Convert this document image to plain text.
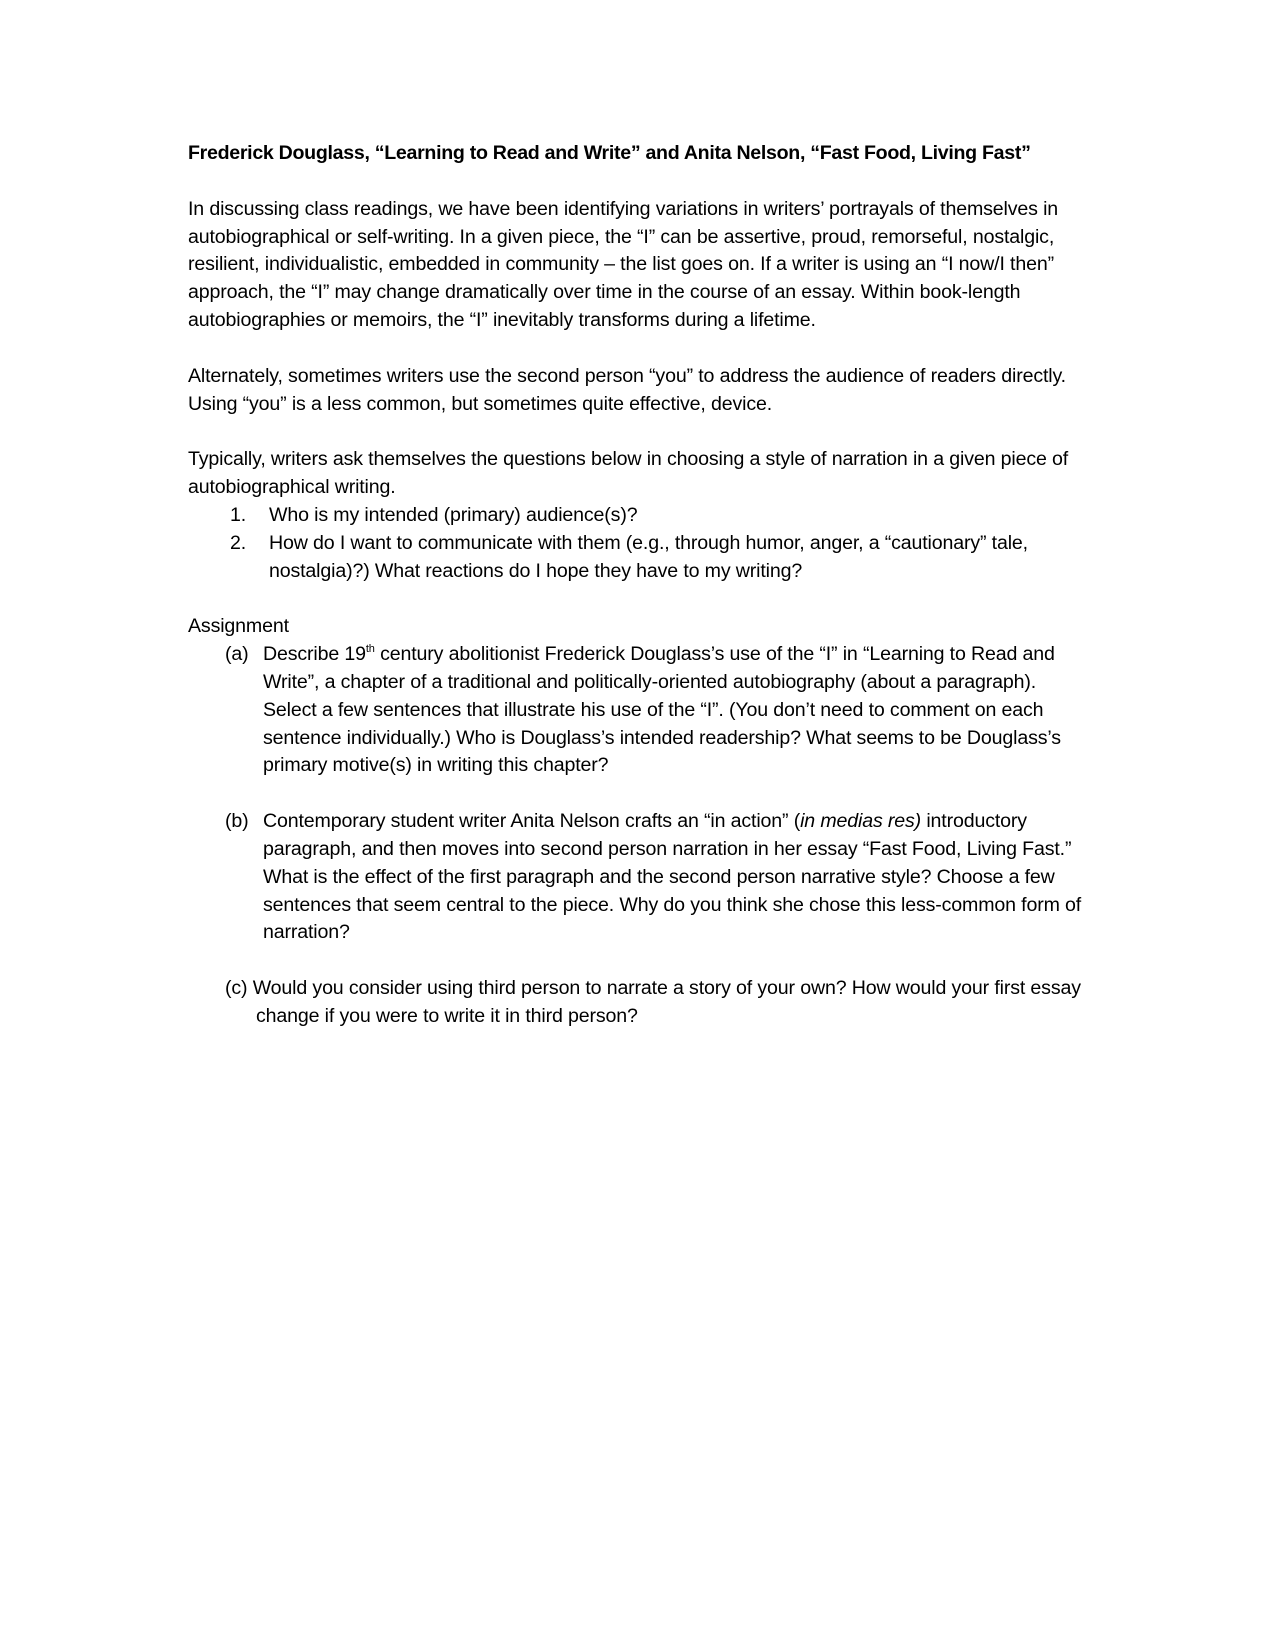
Frederick Douglass, “Learning to Read and Write” and Anita Nelson, “Fast Food, Living Fast”

In discussing class readings, we have been identifying variations in writers’ portrayals of themselves in autobiographical or self-writing. In a given piece, the “I” can be assertive, proud, remorseful, nostalgic, resilient, individualistic, embedded in community – the list goes on. If a writer is using an “I now/I then” approach, the “I” may change dramatically over time in the course of an essay. Within book-length autobiographies or memoirs, the “I” inevitably transforms during a lifetime.

Alternately, sometimes writers use the second person “you” to address the audience of readers directly. Using “you” is a less common, but sometimes quite effective, device.

Typically, writers ask themselves the questions below in choosing a style of narration in a given piece of autobiographical writing.

1. Who is my intended (primary) audience(s)?
2. How do I want to communicate with them (e.g., through humor, anger, a “cautionary” tale, nostalgia)?) What reactions do I hope they have to my writing?
Assignment
(a) Describe 19th century abolitionist Frederick Douglass’s use of the “I” in “Learning to Read and Write”, a chapter of a traditional and politically-oriented autobiography (about a paragraph). Select a few sentences that illustrate his use of the “I”. (You don’t need to comment on each sentence individually.) Who is Douglass’s intended readership? What seems to be Douglass’s primary motive(s) in writing this chapter?
(b) Contemporary student writer Anita Nelson crafts an “in action” (in medias res) introductory paragraph, and then moves into second person narration in her essay “Fast Food, Living Fast.” What is the effect of the first paragraph and the second person narrative style? Choose a few sentences that seem central to the piece. Why do you think she chose this less-common form of narration?
(c) Would you consider using third person to narrate a story of your own? How would your first essay change if you were to write it in third person?
